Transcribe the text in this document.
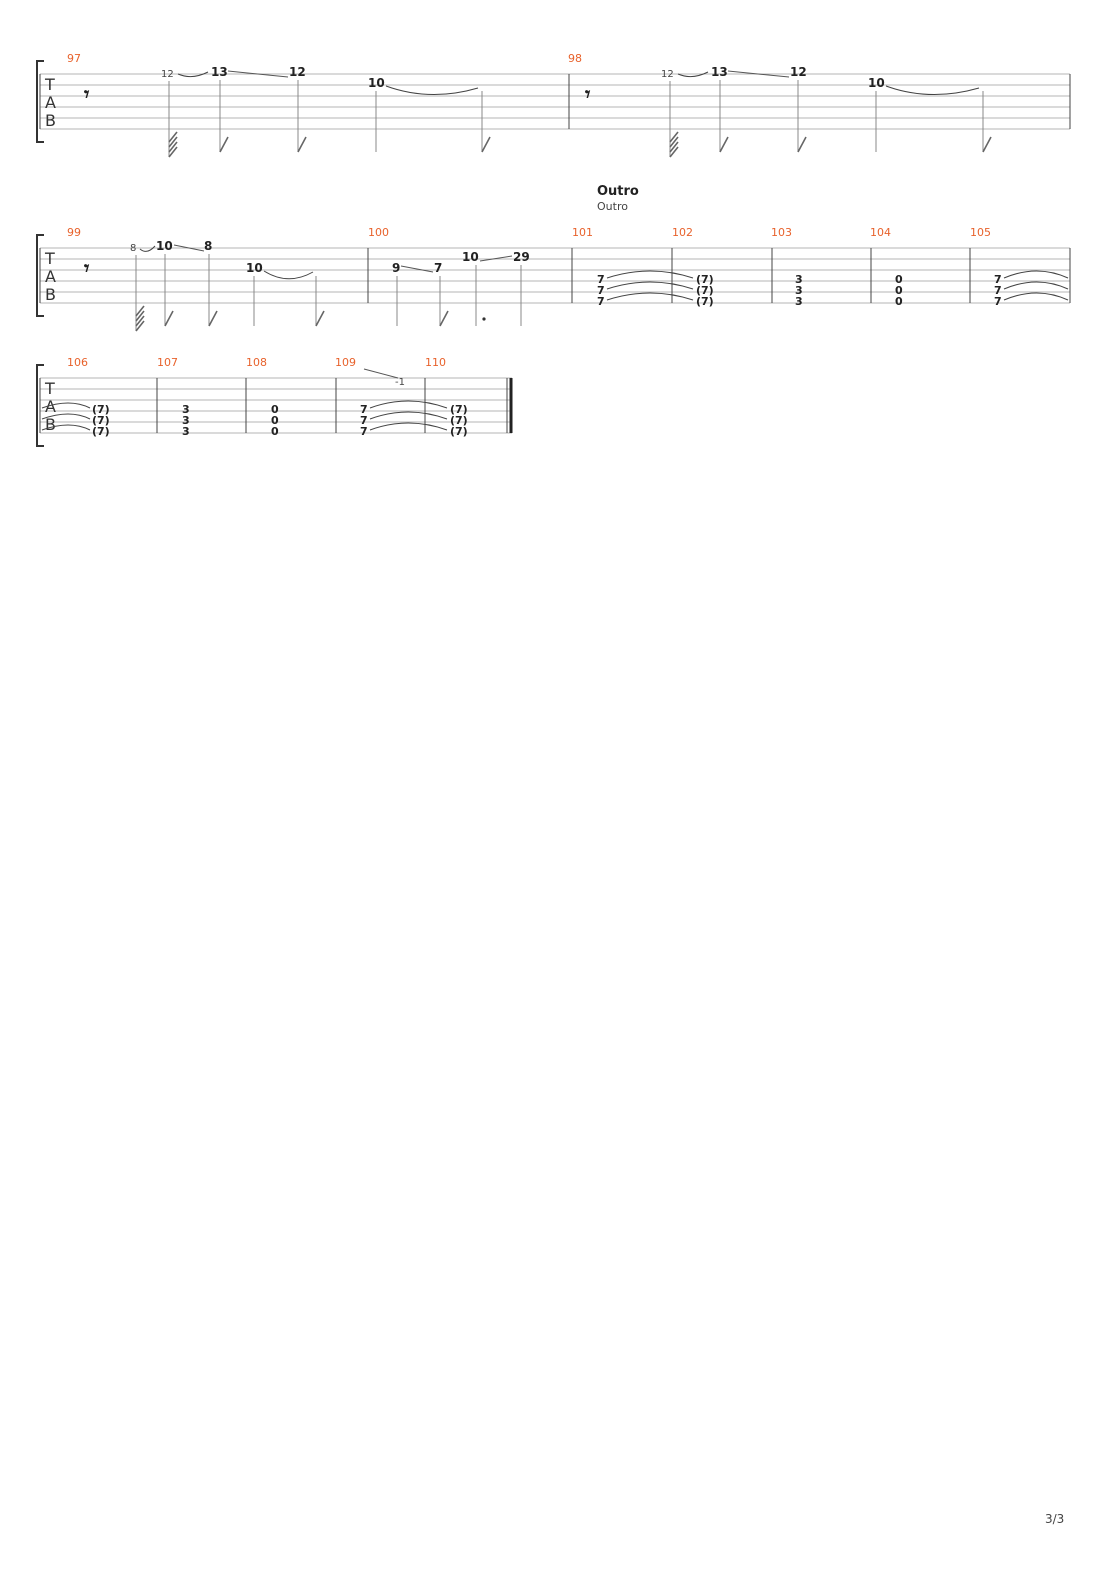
T
A
B
97	98
𝄾
12	13	12
10	𝄾
12	13	12
10
Outro
Outro
T
A
B
99	100	101	102	103	104	105
𝄾
8 10	8
10	9	7
10	29
7
7
7
(7)
(7)
(7)
3
3
3
0
0
0
7
7
7
T
A
B
106	107	108	109	110
(7)
(7)
(7)
3
3
3
0
0
0
7
7
7
-1
(7)
(7)
(7)
3/3
